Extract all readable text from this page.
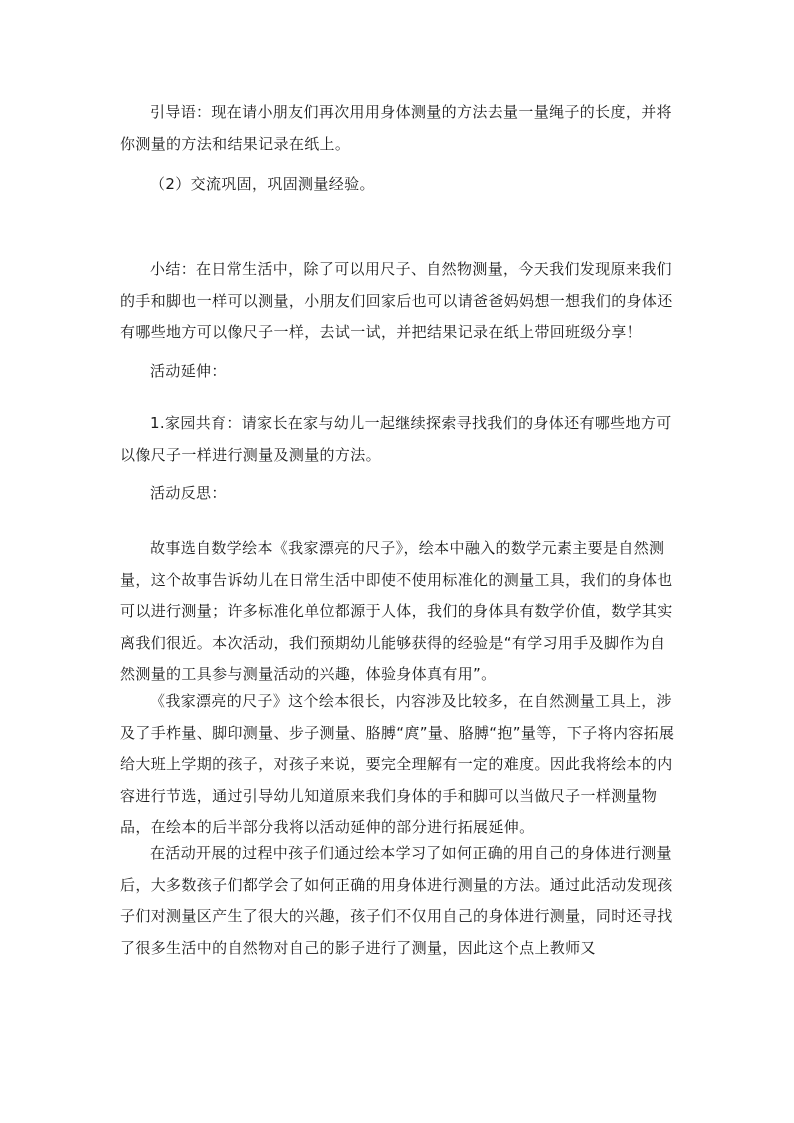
引导语：现在请小朋友们再次用用身体测量的方法去量一量绳子的长度，并将你测量的方法和结果记录在纸上。

（2）交流巩固，巩固测量经验。

小结：在日常生活中，除了可以用尺子、自然物测量，今天我们发现原来我们的手和脚也一样可以测量，小朋友们回家后也可以请爸爸妈妈想一想我们的身体还有哪些地方可以像尺子一样，去试一试，并把结果记录在纸上带回班级分享！

活动延伸：

1.家园共育：请家长在家与幼儿一起继续探索寻找我们的身体还有哪些地方可以像尺子一样进行测量及测量的方法。

活动反思：

故事选自数学绘本《我家漂亮的尺子》，绘本中融入的数学元素主要是自然测量，这个故事告诉幼儿在日常生活中即使不使用标准化的测量工具，我们的身体也可以进行测量；许多标准化单位都源于人体，我们的身体具有数学价值，数学其实离我们很近。本次活动，我们预期幼儿能够获得的经验是“有学习用手及脚作为自然测量的工具参与测量活动的兴趣，体验身体真有用”。

《我家漂亮的尺子》这个绘本很长，内容涉及比较多，在自然测量工具上，涉及了手柞量、脚印测量、步子测量、胳膊“庹”量、胳膊“抱”量等，下子将内容拓展给大班上学期的孩子，对孩子来说，要完全理解有一定的难度。因此我将绘本的内容进行节选，通过引导幼儿知道原来我们身体的手和脚可以当做尺子一样测量物品，在绘本的后半部分我将以活动延伸的部分进行拓展延伸。

在活动开展的过程中孩子们通过绘本学习了如何正确的用自己的身体进行测量后，大多数孩子们都学会了如何正确的用身体进行测量的方法。通过此活动发现孩子们对测量区产生了很大的兴趣，孩子们不仅用自己的身体进行测量，同时还寻找了很多生活中的自然物对自己的影子进行了测量，因此这个点上教师又
